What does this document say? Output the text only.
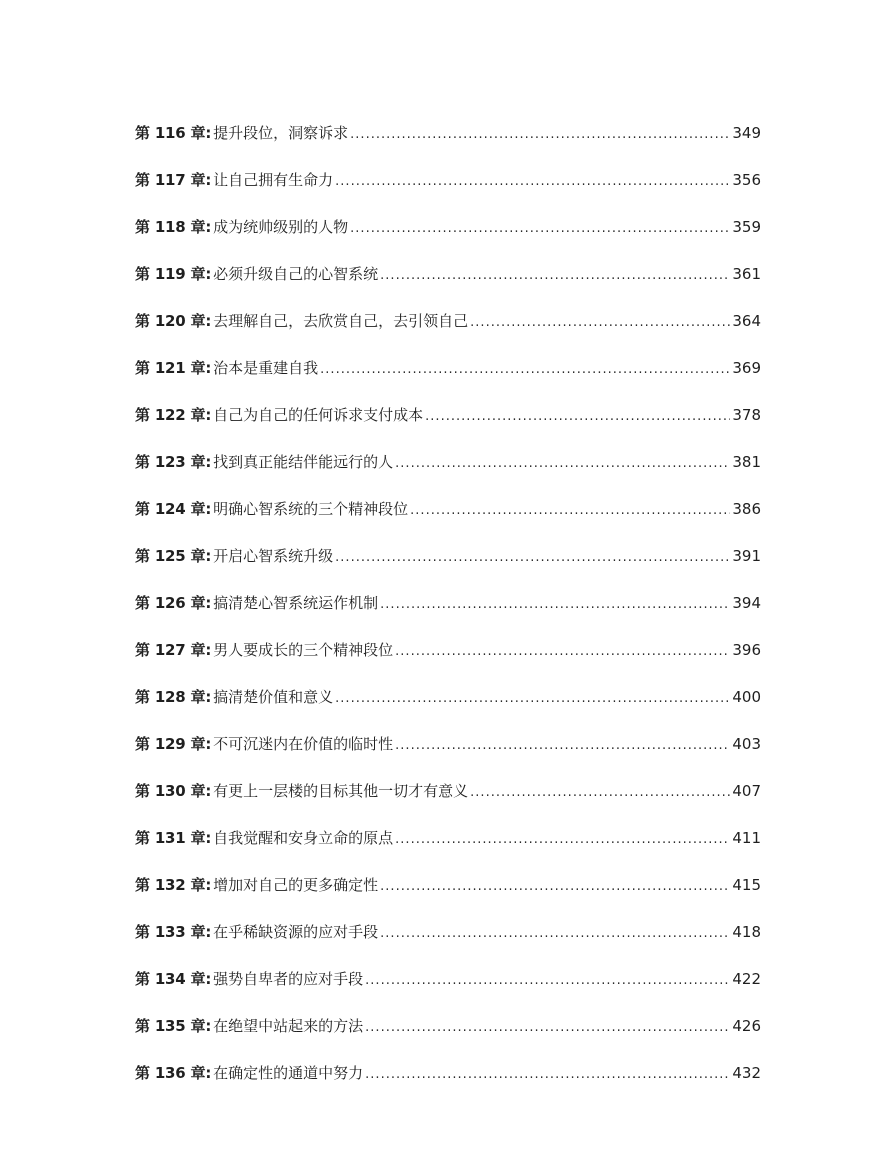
第 116 章: 提升段位，洞察诉求 .....	349
第 117 章: 让自己拥有生命力 .....	356
第 118 章: 成为统帅级别的人物 .....	359
第 119 章: 必须升级自己的心智系统 .....	361
第 120 章: 去理解自己，去欣赏自己，去引领自己 .....	364
第 121 章: 治本是重建自我 .....	369
第 122 章: 自己为自己的任何诉求支付成本 .....	378
第 123 章: 找到真正能结伴能远行的人 .....	381
第 124 章: 明确心智系统的三个精神段位 .....	386
第 125 章: 开启心智系统升级 .....	391
第 126 章: 搞清楚心智系统运作机制 .....	394
第 127 章: 男人要成长的三个精神段位 .....	396
第 128 章: 搞清楚价值和意义 .....	400
第 129 章: 不可沉迷内在价值的临时性 .....	403
第 130 章: 有更上一层楼的目标其他一切才有意义 .....	407
第 131 章: 自我觉醒和安身立命的原点 .....	411
第 132 章: 增加对自己的更多确定性 .....	415
第 133 章: 在乎稀缺资源的应对手段 .....	418
第 134 章: 强势自卑者的应对手段 .....	422
第 135 章: 在绝望中站起来的方法 .....	426
第 136 章: 在确定性的通道中努力 .....	432
